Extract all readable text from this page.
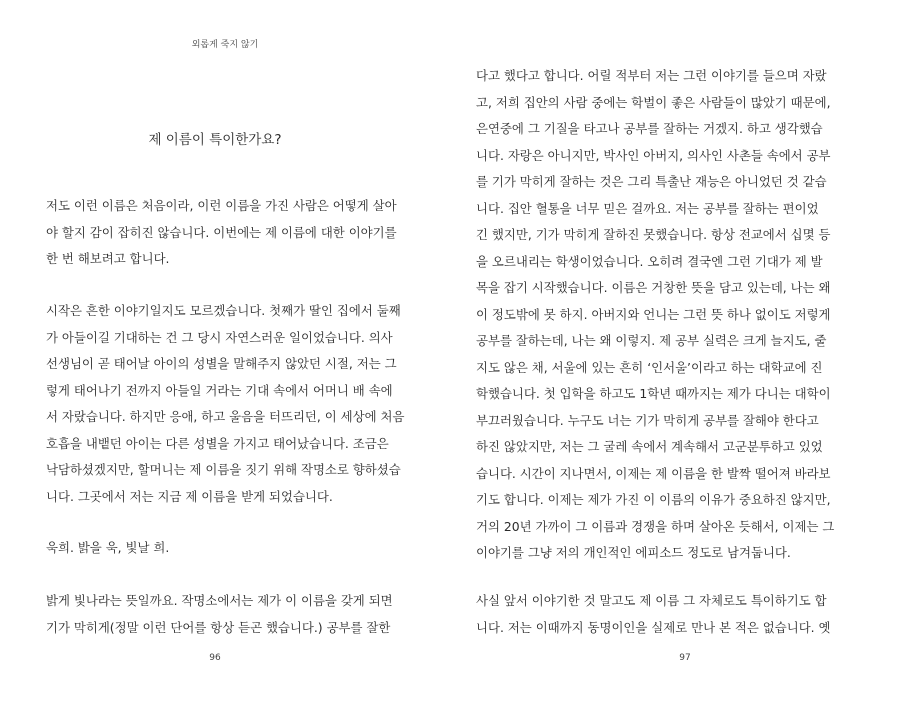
외롭게 죽지 않기
제 이름이 특이한가요?

저도 이런 이름은 처음이라, 이런 이름을 가진 사람은 어떻게 살아
야 할지 감이 잡히진 않습니다. 이번에는 제 이름에 대한 이야기를
한 번 해보려고 합니다.

시작은 흔한 이야기일지도 모르겠습니다. 첫째가 딸인 집에서 둘째
가 아들이길 기대하는 건 그 당시 자연스러운 일이었습니다. 의사
선생님이 곧 태어날 아이의 성별을 말해주지 않았던 시절, 저는 그
렇게 태어나기 전까지 아들일 거라는 기대 속에서 어머니 배 속에
서 자랐습니다. 하지만 응애, 하고 울음을 터뜨리던, 이 세상에 처음
호흡을 내뱉던 아이는 다른 성별을 가지고 태어났습니다. 조금은
낙담하셨겠지만, 할머니는 제 이름을 짓기 위해 작명소로 향하셨습
니다. 그곳에서 저는 지금 제 이름을 받게 되었습니다.

욱희. 밝을 욱, 빛날 희.

밝게 빛나라는 뜻일까요. 작명소에서는 제가 이 이름을 갖게 되면
기가 막히게(정말 이런 단어를 항상 듣곤 했습니다.) 공부를 잘한

96

다고 했다고 합니다. 어릴 적부터 저는 그런 이야기를 들으며 자랐
고, 저희 집안의 사람 중에는 학벌이 좋은 사람들이 많았기 때문에,
은연중에 그 기질을 타고나 공부를 잘하는 거겠지. 하고 생각했습
니다. 자랑은 아니지만, 박사인 아버지, 의사인 사촌들 속에서 공부
를 기가 막히게 잘하는 것은 그리 특출난 재능은 아니었던 것 같습
니다. 집안 혈통을 너무 믿은 걸까요. 저는 공부를 잘하는 편이었
긴 했지만, 기가 막히게 잘하진 못했습니다. 항상 전교에서 십몇 등
을 오르내리는 학생이었습니다. 오히려 결국엔 그런 기대가 제 발
목을 잡기 시작했습니다. 이름은 거창한 뜻을 담고 있는데, 나는 왜
이 정도밖에 못 하지. 아버지와 언니는 그런 뜻 하나 없이도 저렇게
공부를 잘하는데, 나는 왜 이렇지. 제 공부 실력은 크게 늘지도, 줄
지도 않은 채, 서울에 있는 흔히 ‘인서울’이라고 하는 대학교에 진
학했습니다. 첫 입학을 하고도 1학년 때까지는 제가 다니는 대학이
부끄러웠습니다. 누구도 너는 기가 막히게 공부를 잘해야 한다고
하진 않았지만, 저는 그 굴레 속에서 계속해서 고군분투하고 있었
습니다. 시간이 지나면서, 이제는 제 이름을 한 발짝 떨어져 바라보
기도 합니다. 이제는 제가 가진 이 이름의 이유가 중요하진 않지만,
거의 20년 가까이 그 이름과 경쟁을 하며 살아온 듯해서, 이제는 그
이야기를 그냥 저의 개인적인 에피소드 정도로 남겨둡니다.

사실 앞서 이야기한 것 말고도 제 이름 그 자체로도 특이하기도 합
니다. 저는 이때까지 동명이인을 실제로 만나 본 적은 없습니다. 옛

97
